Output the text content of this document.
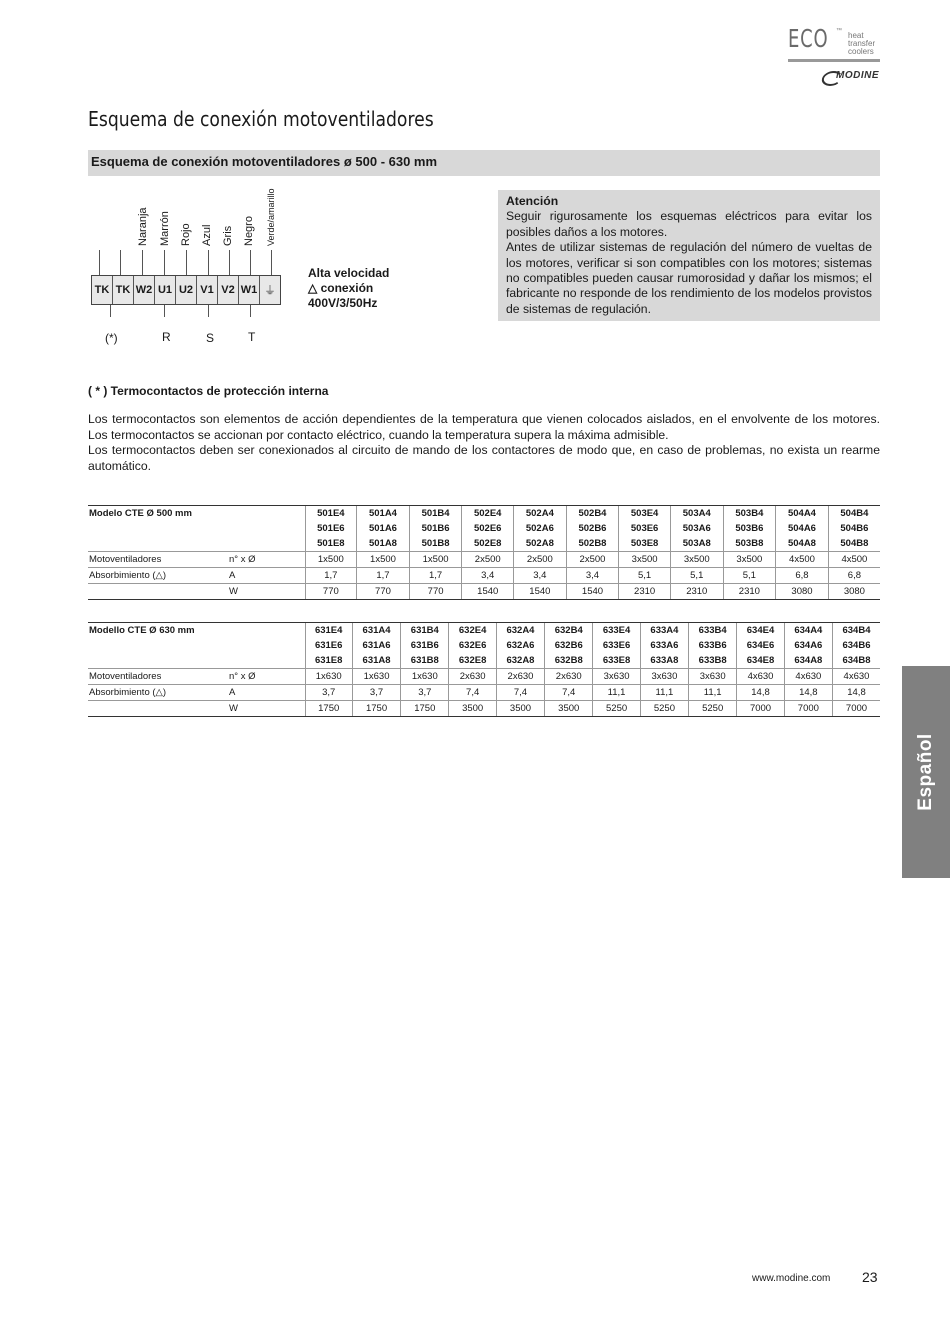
ECO ™ heat transfer
coolers
MODINE
Esquema de conexión motoventiladores
Esquema de conexión motoventiladores ø 500 - 630 mm
Naranja Marrón Rojo Azul Gris Negro Verde/amarillo
TK TK W2 U1 U2 V1 V2 W1 ⏚
(*)	R	S	T
Alta velocidad
△ conexión
400V/3/50Hz
Atención
Seguir rigurosamente los esquemas eléctricos para evitar los posibles daños a los motores.
Antes de utilizar sistemas de regulación del número de vueltas de los motores, verificar si son compatibles con los motores; sistemas no compatibles pueden causar rumorosidad y dañar los mismos; el fabricante no responde de los rendimiento de los modelos provistos de sistemas de regulación.
( * ) Termocontactos de protección interna

Los termocontactos son elementos de acción dependientes de la temperatura que vienen colocados aislados, en el envolvente de los motores. Los termocontactos se accionan por contacto eléctrico, cuando la temperatura supera la máxima admisible.

Los termocontactos deben ser conexionados al circuito de mando de los contactores de modo que, en caso de problemas, no exista un rearme automático.

Modelo CTE Ø 500 mm		501E4	501A4	501B4	502E4	502A4	502B4	503E4	503A4	503B4	504A4	504B4
		501E6	501A6	501B6	502E6	502A6	502B6	503E6	503A6	503B6	504A6	504B6
		501E8	501A8	501B8	502E8	502A8	502B8	503E8	503A8	503B8	504A8	504B8
Motoventiladores	n° x Ø	1x500	1x500	1x500	2x500	2x500	2x500	3x500	3x500	3x500	4x500	4x500
Absorbimiento (△)	A	1,7	1,7	1,7	3,4	3,4	3,4	5,1	5,1	5,1	6,8	6,8
	W	770	770	770	1540	1540	1540	2310	2310	2310	3080	3080
Modello CTE Ø 630 mm		631E4	631A4	631B4	632E4	632A4	632B4	633E4	633A4	633B4	634E4	634A4	634B4
		631E6	631A6	631B6	632E6	632A6	632B6	633E6	633A6	633B6	634E6	634A6	634B6
		631E8	631A8	631B8	632E8	632A8	632B8	633E8	633A8	633B8	634E8	634A8	634B8
Motoventiladores	n° x Ø	1x630	1x630	1x630	2x630	2x630	2x630	3x630	3x630	3x630	4x630	4x630	4x630
Absorbimiento (△)	A	3,7	3,7	3,7	7,4	7,4	7,4	11,1	11,1	11,1	14,8	14,8	14,8
	W	1750	1750	1750	3500	3500	3500	5250	5250	5250	7000	7000	7000
Español
www.modine.com 23
